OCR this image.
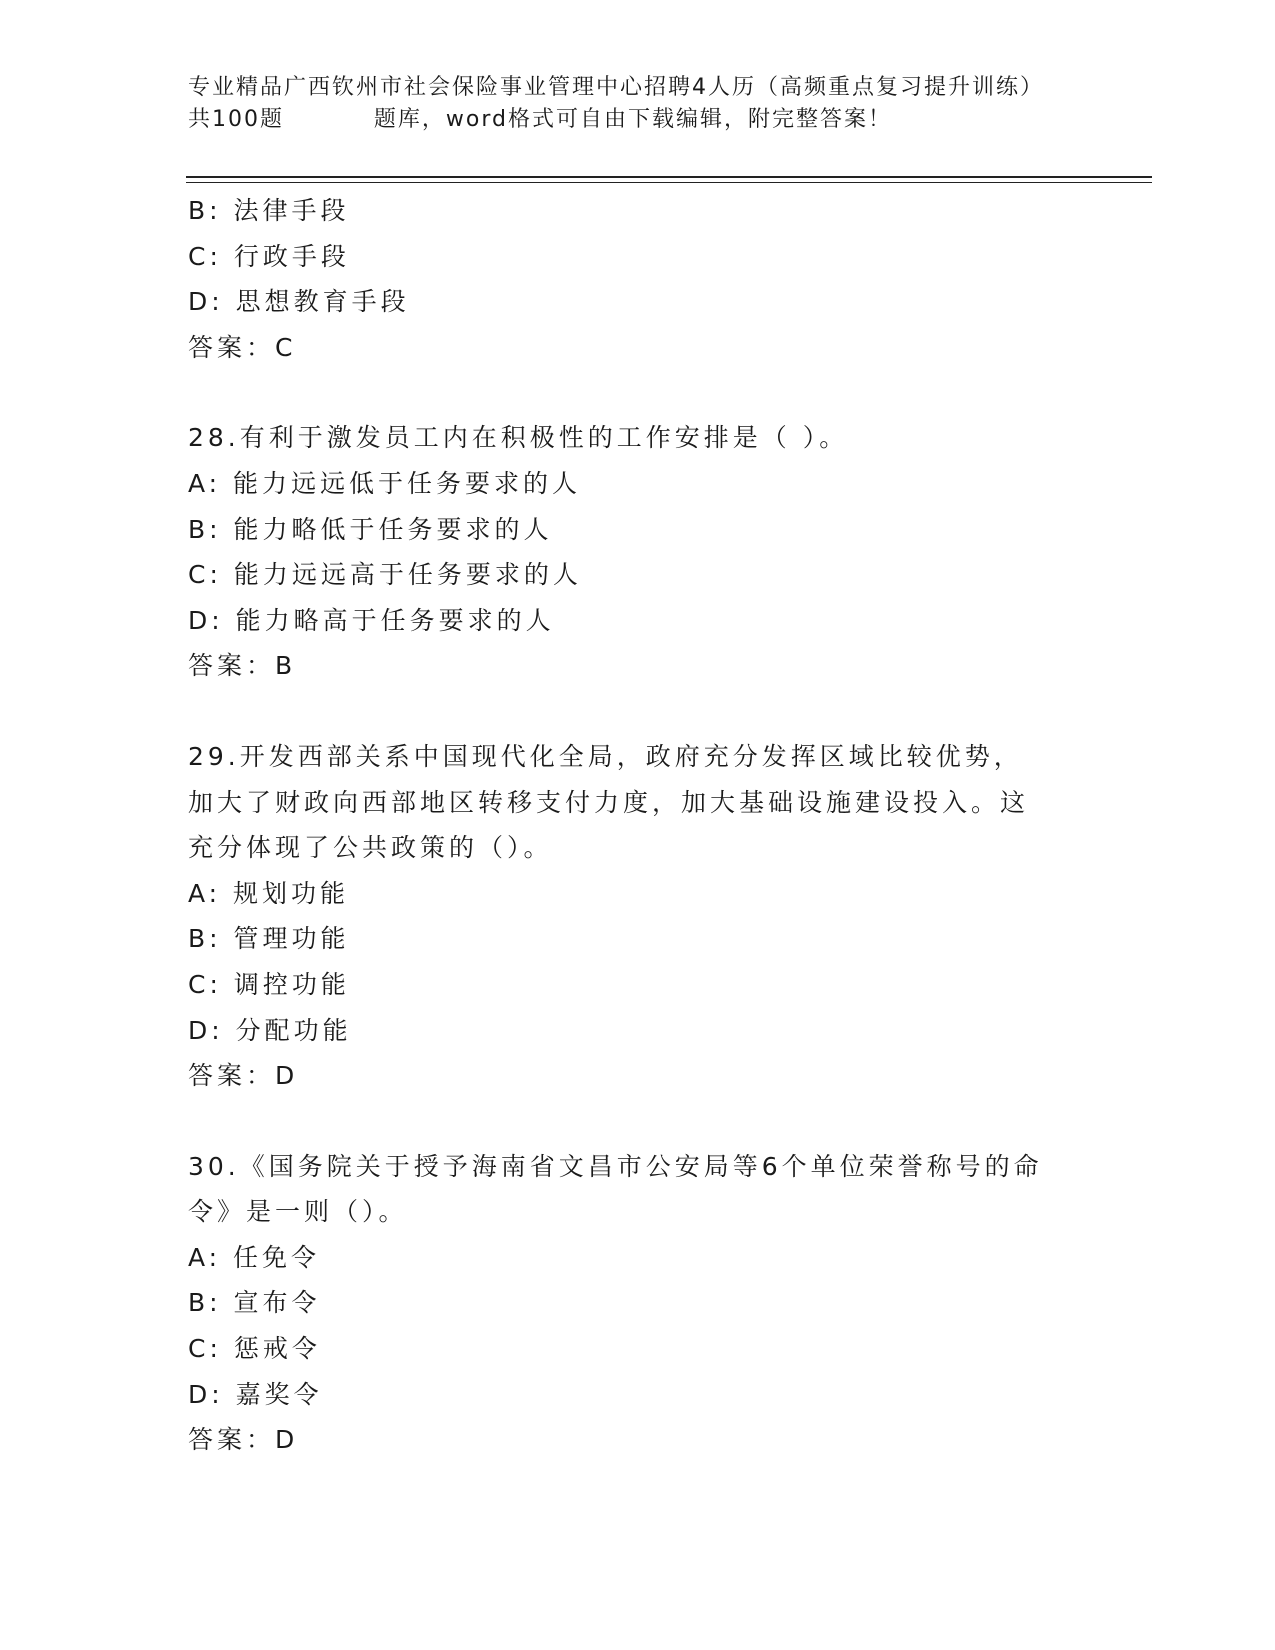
专业精品广西钦州市社会保险事业管理中心招聘4人历（高频重点复习提升训练）
共100题          题库，word格式可自由下载编辑，附完整答案！
B: 法律手段
C: 行政手段
D: 思想教育手段
答案：C
28.有利于激发员工内在积极性的工作安排是（ ）。
A: 能力远远低于任务要求的人
B: 能力略低于任务要求的人
C: 能力远远高于任务要求的人
D: 能力略高于任务要求的人
答案：B
29.开发西部关系中国现代化全局，政府充分发挥区域比较优势，加大了财政向西部地区转移支付力度，加大基础设施建设投入。这充分体现了公共政策的（）。
A: 规划功能
B: 管理功能
C: 调控功能
D: 分配功能
答案：D
30.《国务院关于授予海南省文昌市公安局等6个单位荣誉称号的命令》是一则（）。
A: 任免令
B: 宣布令
C: 惩戒令
D: 嘉奖令
答案：D
